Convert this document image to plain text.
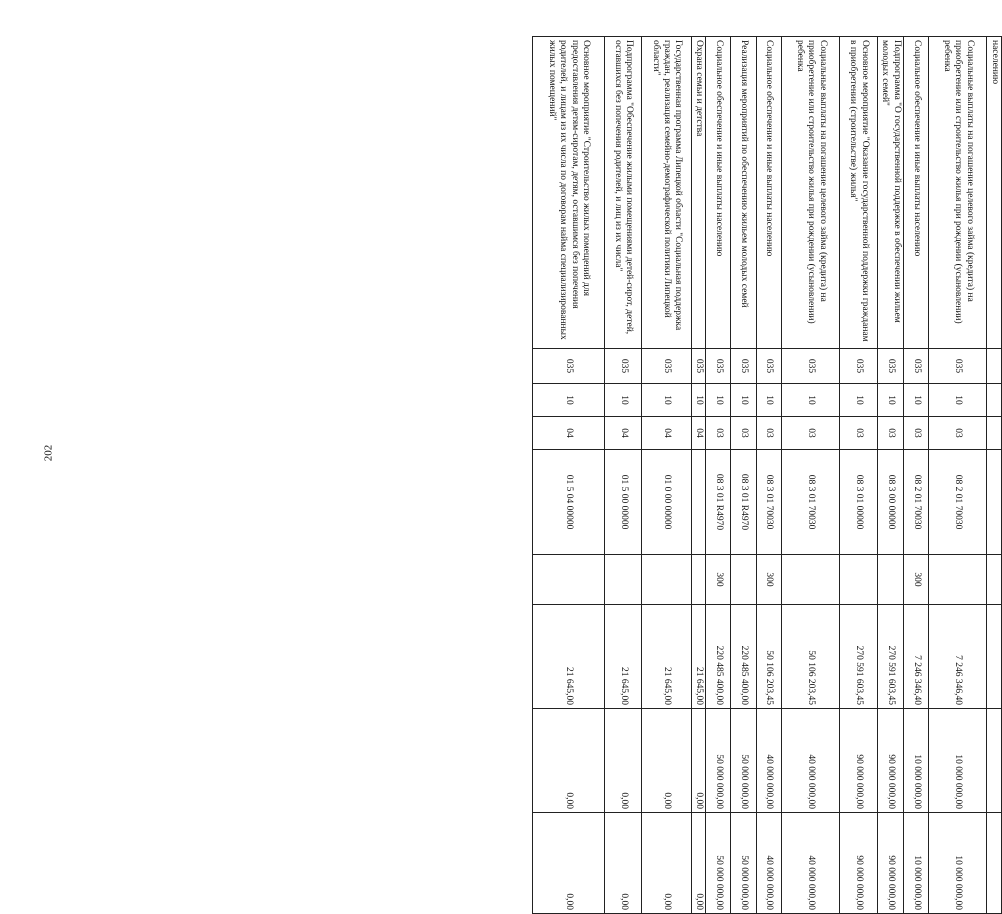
202
населению								
Социальные выплаты на погашение целевого займа (кредита) на приобретение или строительство жилья при рождении (усыновлении) ребенка	035	10	03	08 2 01 70030		7 246 346,40	10 000 000,00	10 000 000,00
Социальное обеспечение и иные выплаты населению	035	10	03	08 2 01 70030	300	7 246 346,40	10 000 000,00	10 000 000,00
Подпрограмма "О государственной поддержке в обеспечении жильем молодых семей"	035	10	03	08 3 00 00000		270 591 603,45	90 000 000,00	90 000 000,00
Основное мероприятие "Оказание государственной поддержки гражданам в приобретении (строительстве) жилья"	035	10	03	08 3 01 00000		270 591 603,45	90 000 000,00	90 000 000,00
Социальные выплаты на погашение целевого займа (кредита) на приобретение или строительство жилья при рождении (усыновлении) ребенка	035	10	03	08 3 01 70030		50 106 203,45	40 000 000,00	40 000 000,00
Социальное обеспечение и иные выплаты населению	035	10	03	08 3 01 70030	300	50 106 203,45	40 000 000,00	40 000 000,00
Реализация мероприятий по обеспечению жильем молодых семей	035	10	03	08 3 01 R4970		220 485 400,00	50 000 000,00	50 000 000,00
Социальное обеспечение и иные выплаты населению	035	10	03	08 3 01 R4970	300	220 485 400,00	50 000 000,00	50 000 000,00
Охрана семьи и детства	035	10	04			21 645,00	0,00	0,00
Государственная программа Липецкой области "Социальная поддержка граждан, реализация семейно-демографической политики Липецкой области"	035	10	04	01 0 00 00000		21 645,00	0,00	0,00
Подпрограмма "Обеспечение жилыми помещениями детей-сирот, детей, оставшихся без попечения родителей, и лиц из их числа"	035	10	04	01 5 00 00000		21 645,00	0,00	0,00
Основное мероприятие "Строительство жилых помещений для предоставления детям-сиротам, детям, оставшимся без попечения родителей, и лицам из их числа по договорам найма специализированных жилых помещений"	035	10	04	01 5 04 00000		21 645,00	0,00	0,00
